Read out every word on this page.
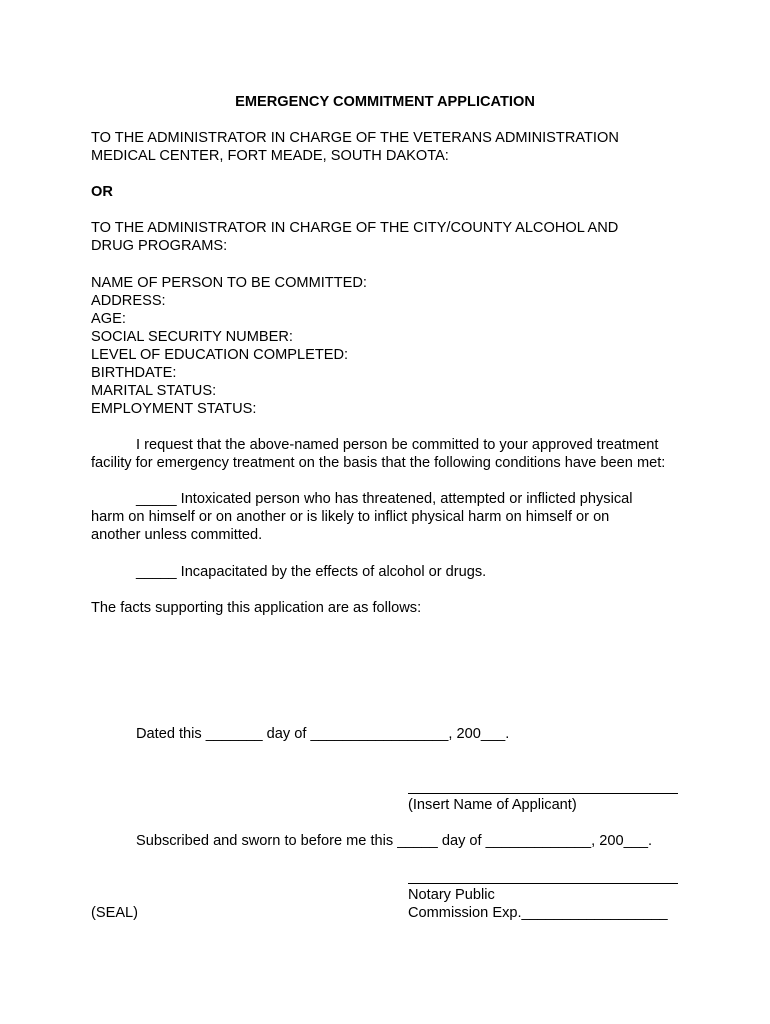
EMERGENCY COMMITMENT APPLICATION
TO THE ADMINISTRATOR IN CHARGE OF THE VETERANS ADMINISTRATION
MEDICAL CENTER, FORT MEADE, SOUTH DAKOTA:
OR
TO THE ADMINISTRATOR IN CHARGE OF THE CITY/COUNTY ALCOHOL AND
DRUG PROGRAMS:
NAME OF PERSON TO BE COMMITTED:
ADDRESS:
AGE:
SOCIAL SECURITY NUMBER:
LEVEL OF EDUCATION COMPLETED:
BIRTHDATE:
MARITAL STATUS:
EMPLOYMENT STATUS:
I request that the above-named person be committed to your approved treatment
facility for emergency treatment on the basis that the following conditions have been met:
_____ Intoxicated person who has threatened, attempted or inflicted physical
harm on himself or on another or is likely to inflict physical harm on himself or on
another unless committed.
_____ Incapacitated by the effects of alcohol or drugs.
The facts supporting this application are as follows:
Dated this _______ day of _________________, 200___.
(Insert Name of Applicant)
Subscribed and sworn to before me this _____ day of _____________, 200___.
Notary Public
(SEAL)	Commission Exp.__________________
